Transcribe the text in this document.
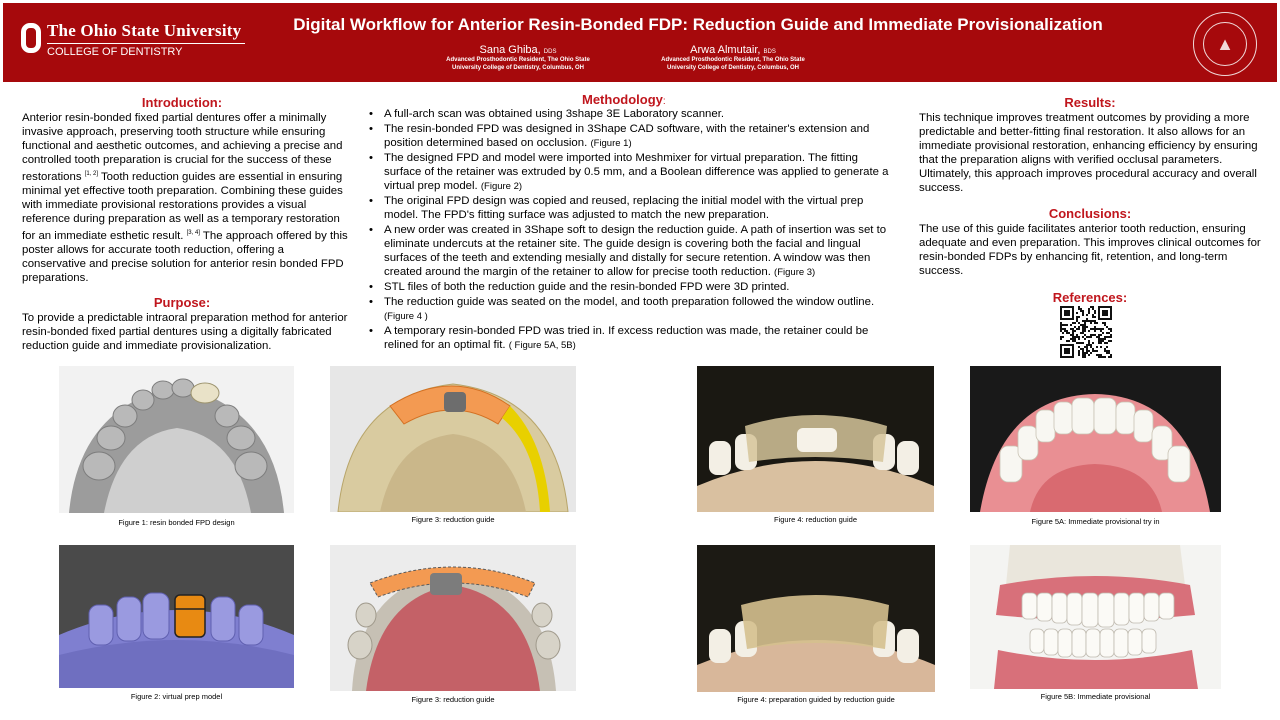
The Ohio State University
COLLEGE OF DENTISTRY
Digital Workflow for Anterior Resin-Bonded FDP: Reduction Guide and Immediate Provisionalization
Sana Ghiba, DDS
Advanced Prosthodontic Resident, The Ohio State
University College of Dentistry, Columbus, OH
Arwa Almutair, BDS
Advanced Prosthodontic Resident, The Ohio State
University College of Dentistry, Columbus, OH
▲
Introduction:
Anterior resin-bonded fixed partial dentures offer a minimally invasive approach, preserving tooth structure while ensuring functional and aesthetic outcomes, and achieving a precise and controlled tooth preparation is crucial for the success of these restorations [1, 2] Tooth reduction guides are essential in ensuring minimal yet effective tooth preparation. Combining these guides with immediate provisional restorations provides a visual reference during preparation as well as a temporary restoration for an immediate esthetic result. [3, 4] The approach offered by this poster allows for accurate tooth reduction, offering a conservative and precise solution for anterior resin bonded FPD preparations.
Purpose:
To provide a predictable intraoral preparation method for anterior resin-bonded fixed partial dentures using a digitally fabricated reduction guide and immediate provisionalization.
Methodology:
• A full-arch scan was obtained using 3shape 3E Laboratory scanner.
• The resin-bonded FPD was designed in 3Shape CAD software, with the retainer's extension and position determined based on occlusion. (Figure 1)
• The designed FPD and model were imported into Meshmixer for virtual preparation. The fitting surface of the retainer was extruded by 0.5 mm, and a Boolean difference was applied to generate a virtual prep model. (Figure 2)
• The original FPD design was copied and reused, replacing the initial model with the virtual prep model. The FPD's fitting surface was adjusted to match the new preparation.
• A new order was created in 3Shape soft to design the reduction guide. A path of insertion was set to eliminate undercuts at the retainer site. The guide design is covering both the facial and lingual surfaces of the teeth and extending mesially and distally for secure retention. A window was then created around the margin of the retainer to allow for precise tooth reduction. (Figure 3)
• STL files of both the reduction guide and the resin-bonded FPD were 3D printed.
• The reduction guide was seated on the model, and tooth preparation followed the window outline. (Figure 4 )
• A temporary resin-bonded FPD was tried in. If excess reduction was made, the retainer could be relined for an optimal fit. ( Figure 5A, 5B)
Results:
This technique improves treatment outcomes by providing a more predictable and better-fitting final restoration. It also allows for an immediate provisional restoration, enhancing efficiency by ensuring that the preparation aligns with verified occlusal parameters. Ultimately, this approach improves procedural accuracy and overall success.
Conclusions:
The use of this guide facilitates anterior tooth reduction, ensuring adequate and even preparation. This improves clinical outcomes for resin-bonded FDPs by enhancing fit, retention, and long-term success.
References:
Figure 1: resin bonded FPD design	Figure 3: reduction guide	Figure 4: reduction guide	Figure 5A: Immediate provisional try in
Figure 2: virtual prep model	Figure 3: reduction guide	Figure 4: preparation guided by reduction guide	Figure 5B: Immediate provisional
